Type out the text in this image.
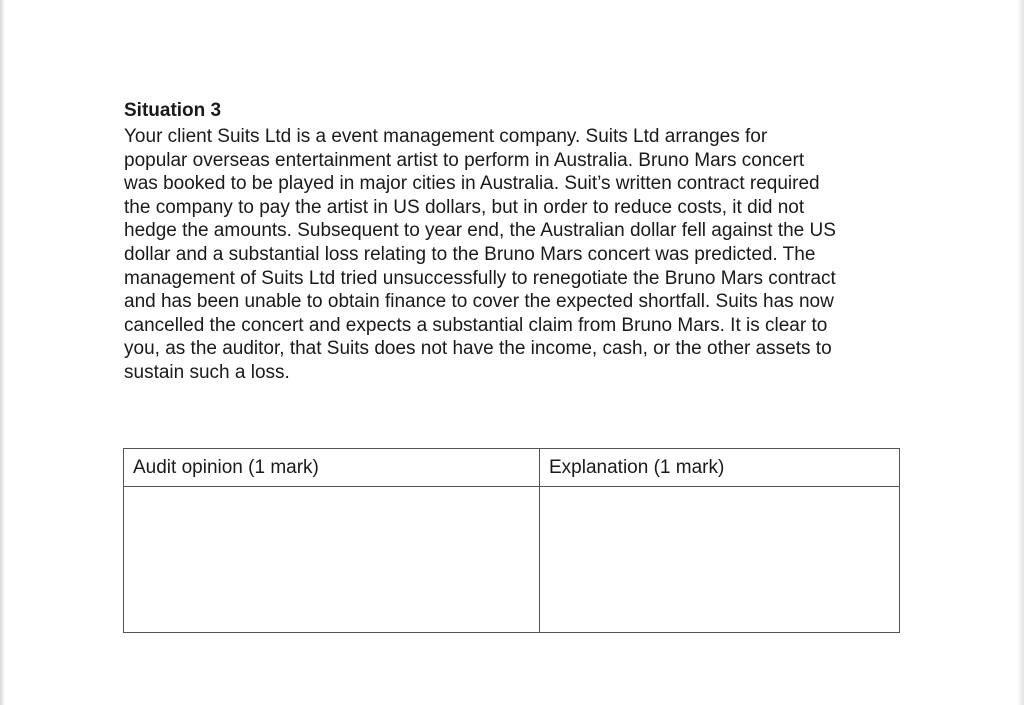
Situation 3

Your client Suits Ltd is a event management company. Suits Ltd arranges for
popular overseas entertainment artist to perform in Australia. Bruno Mars concert
was booked to be played in major cities in Australia. Suit’s written contract required
the company to pay the artist in US dollars, but in order to reduce costs, it did not
hedge the amounts. Subsequent to year end, the Australian dollar fell against the US
dollar and a substantial loss relating to the Bruno Mars concert was predicted. The
management of Suits Ltd tried unsuccessfully to renegotiate the Bruno Mars contract
and has been unable to obtain finance to cover the expected shortfall. Suits has now
cancelled the concert and expects a substantial claim from Bruno Mars. It is clear to
you, as the auditor, that Suits does not have the income, cash, or the other assets to
sustain such a loss.

Audit opinion (1 mark)	Explanation (1 mark)
